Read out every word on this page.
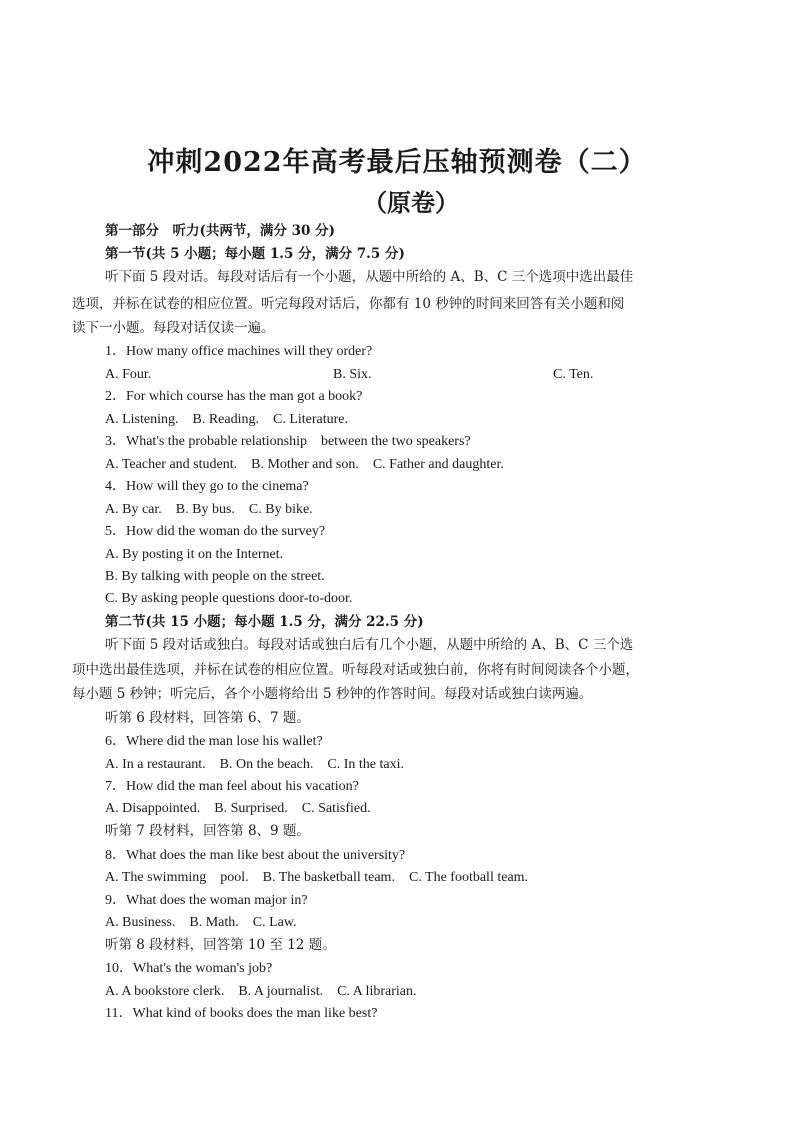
冲刺2022年高考最后压轴预测卷（二）
（原卷）
第一部分　听力(共两节，满分 30 分)
第一节(共 5 小题；每小题 1.5 分，满分 7.5 分)
听下面 5 段对话。每段对话后有一个小题，从题中所给的 A、B、C 三个选项中选出最佳
选项，并标在试卷的相应位置。听完每段对话后，你都有 10 秒钟的时间来回答有关小题和阅
读下一小题。每段对话仅读一遍。
1．How many office machines will they order?
A. Four.	B. Six.	C. Ten.
2．For which course has the man got a book?
A. Listening.　B. Reading.　C. Literature.
3．What's the probable relationship　between the two speakers?
A. Teacher and student.　B. Mother and son.　C. Father and daughter.
4．How will they go to the cinema?
A. By car.　B. By bus.　C. By bike.
5．How did the woman do the survey?
A. By posting it on the Internet.
B. By talking with people on the street.
C. By asking people questions door-to-door.
第二节(共 15 小题；每小题 1.5 分，满分 22.5 分)
听下面 5 段对话或独白。每段对话或独白后有几个小题，从题中所给的 A、B、C 三个选
项中选出最佳选项，并标在试卷的相应位置。听每段对话或独白前，你将有时间阅读各个小题，
每小题 5 秒钟；听完后，各个小题将给出 5 秒钟的作答时间。每段对话或独白读两遍。
听第 6 段材料，回答第 6、7 题。
6．Where did the man lose his wallet?
A. In a restaurant.　B. On the beach.　C. In the taxi.
7．How did the man feel about his vacation?
A. Disappointed.　B. Surprised.　C. Satisfied.
听第 7 段材料，回答第 8、9 题。
8．What does the man like best about the university?
A. The swimming　pool.　B. The basketball team.　C. The football team.
9．What does the woman major in?
A. Business.　B. Math.　C. Law.
听第 8 段材料，回答第 10 至 12 题。
10．What's the woman's job?
A. A bookstore clerk.　B. A journalist.　C. A librarian.
11．What kind of books does the man like best?
